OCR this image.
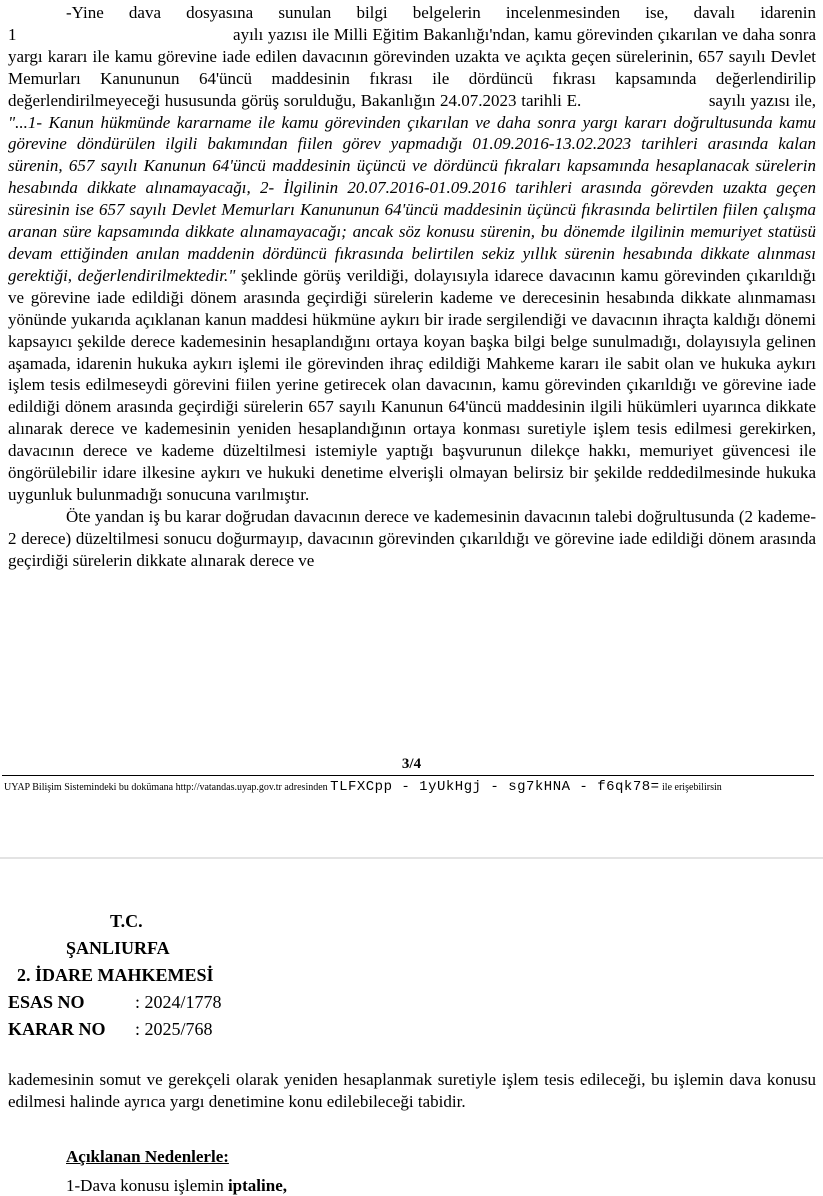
-Yine dava dosyasına sunulan bilgi belgelerin incelenmesinden ise, davalı idarenin 1                                               ayılı yazısı ile Milli Eğitim Bakanlığı'ndan, kamu görevinden çıkarılan ve daha sonra yargı kararı ile kamu görevine iade edilen davacının görevinden uzakta ve açıkta geçen sürelerinin, 657 sayılı Devlet Memurları Kanununun 64'üncü maddesinin fıkrası ile dördüncü fıkrası kapsamında değerlendirilip değerlendirilmeyeceği hususunda görüş sorulduğu, Bakanlığın 24.07.2023 tarihli E.                           sayılı yazısı ile, "...1- Kanun hükmünde kararname ile kamu görevinden çıkarılan ve daha sonra yargı kararı doğrultusunda kamu görevine döndürülen ilgili bakımından fiilen görev yapmadığı 01.09.2016-13.02.2023 tarihleri arasında kalan sürenin, 657 sayılı Kanunun 64'üncü maddesinin üçüncü ve dördüncü fıkraları kapsamında hesaplanacak sürelerin hesabında dikkate alınamayacağı, 2- İlgilinin 20.07.2016-01.09.2016 tarihleri arasında görevden uzakta geçen süresinin ise 657 sayılı Devlet Memurları Kanununun 64'üncü maddesinin üçüncü fıkrasında belirtilen fiilen çalışma aranan süre kapsamında dikkate alınamayacağı; ancak söz konusu sürenin, bu dönemde ilgilinin memuriyet statüsü devam ettiğinden anılan maddenin dördüncü fıkrasında belirtilen sekiz yıllık sürenin hesabında dikkate alınması gerektiği, değerlendirilmektedir." şeklinde görüş verildiği, dolayısıyla idarece davacının kamu görevinden çıkarıldığı ve görevine iade edildiği dönem arasında geçirdiği sürelerin kademe ve derecesinin hesabında dikkate alınmaması yönünde yukarıda açıklanan kanun maddesi hükmüne aykırı bir irade sergilendiği ve davacının ihraçta kaldığı dönemi kapsayıcı şekilde derece kademesinin hesaplandığını ortaya koyan başka bilgi belge sunulmadığı, dolayısıyla gelinen aşamada, idarenin hukuka aykırı işlemi ile görevinden ihraç edildiği Mahkeme kararı ile sabit olan ve hukuka aykırı işlem tesis edilmeseydi görevini fiilen yerine getirecek olan davacının, kamu görevinden çıkarıldığı ve görevine iade edildiği dönem arasında geçirdiği sürelerin 657 sayılı Kanunun 64'üncü maddesinin ilgili hükümleri uyarınca dikkate alınarak derece ve kademesinin yeniden hesaplandığının ortaya konması suretiyle işlem tesis edilmesi gerekirken, davacının derece ve kademe düzeltilmesi istemiyle yaptığı başvurunun dilekçe hakkı, memuriyet güvencesi ile öngörülebilir idare ilkesine aykırı ve hukuki denetime elverişli olmayan belirsiz bir şekilde reddedilmesinde hukuka uygunluk bulunmadığı sonucuna varılmıştır.

Öte yandan iş bu karar doğrudan davacının derece ve kademesinin davacının talebi doğrultusunda (2 kademe- 2 derece) düzeltilmesi sonucu doğurmayıp, davacının görevinden çıkarıldığı ve görevine iade edildiği dönem arasında geçirdiği sürelerin dikkate alınarak derece ve

3/4
UYAP Bilişim Sistemindeki bu dokümana http://vatandas.uyap.gov.tr adresinden TLFXCpp - 1yUkHgj - sg7kHNA - f6qk78= ile erişebilirsin
T.C.
ŞANLIURFA
2. İDARE MAHKEMESİ
ESAS NO	: 2024/1778
KARAR NO : 2025/768
kademesinin somut ve gerekçeli olarak yeniden hesaplanmak suretiyle işlem tesis edileceği, bu işlemin dava konusu edilmesi halinde ayrıca yargı denetimine konu edilebileceği tabidir.
Açıklanan Nedenlerle:
1-Dava konusu işlemin iptaline,
